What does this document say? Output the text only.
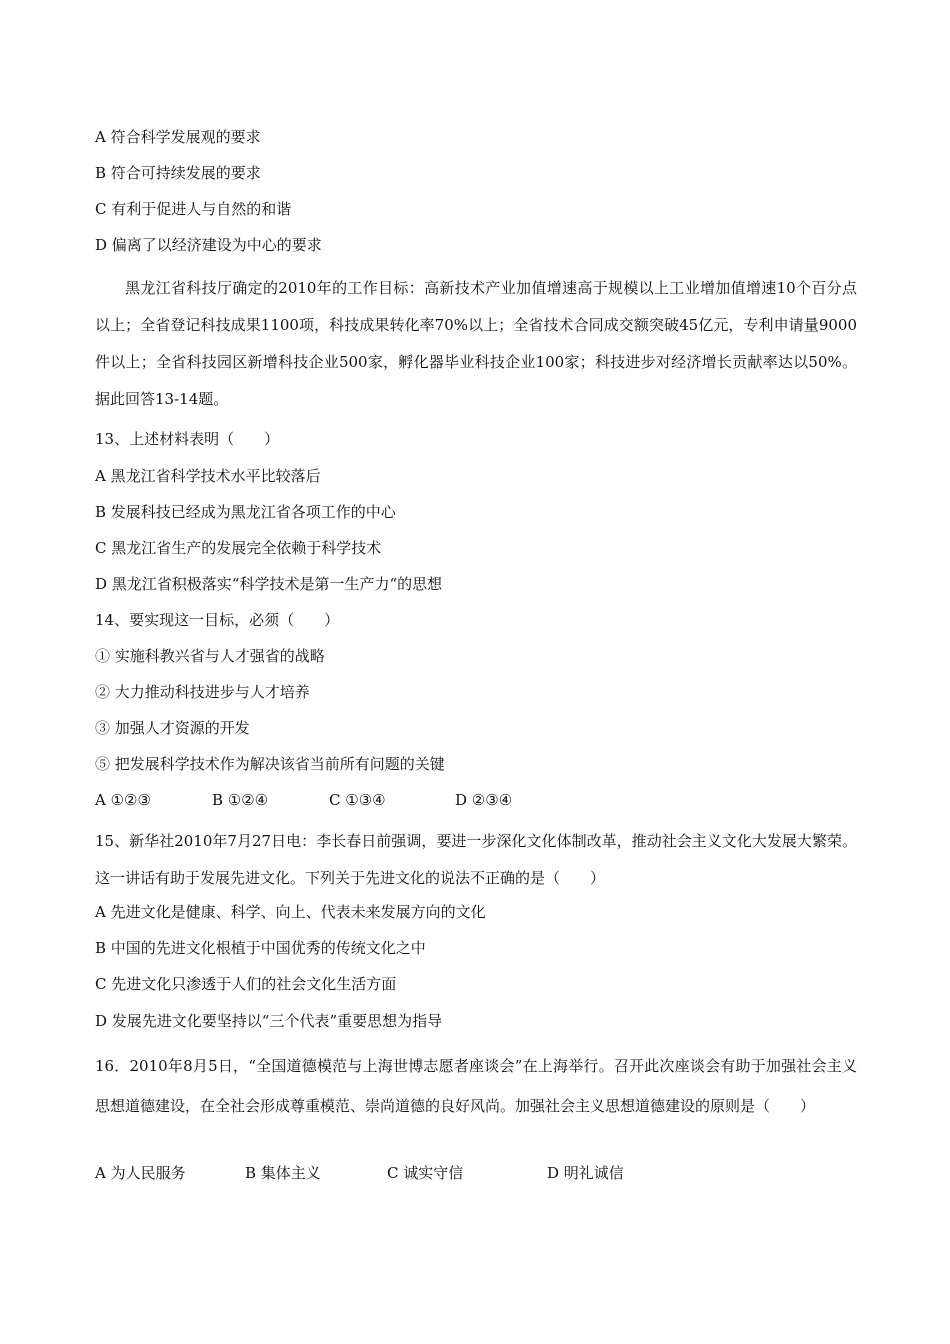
A 符合科学发展观的要求
B 符合可持续发展的要求
C 有利于促进人与自然的和谐
D 偏离了以经济建设为中心的要求
黑龙江省科技厅确定的2010年的工作目标：高新技术产业加值增速高于规模以上工业增加值增速10个百分点以上；全省登记科技成果1100项，科技成果转化率70%以上；全省技术合同成交额突破45亿元，专利申请量9000件以上；全省科技园区新增科技企业500家，孵化器毕业科技企业100家；科技进步对经济增长贡献率达以50%。据此回答13-14题。
13、上述材料表明（　　）
A 黑龙江省科学技术水平比较落后
B 发展科技已经成为黑龙江省各项工作的中心
C 黑龙江省生产的发展完全依赖于科学技术
D 黑龙江省积极落实“科学技术是第一生产力“的思想
14、要实现这一目标，必须（　　）
① 实施科教兴省与人才强省的战略
② 大力推动科技进步与人才培养
③ 加强人才资源的开发
⑤ 把发展科学技术作为解决该省当前所有问题的关键
A ①②③	B ①②④	C ①③④	D ②③④
15、新华社2010年7月27日电：李长春日前强调，要进一步深化文化体制改革，推动社会主义文化大发展大繁荣。这一讲话有助于发展先进文化。下列关于先进文化的说法不正确的是（　　）
A 先进文化是健康、科学、向上、代表未来发展方向的文化
B 中国的先进文化根植于中国优秀的传统文化之中
C 先进文化只渗透于人们的社会文化生活方面
D 发展先进文化要坚持以“三个代表”重要思想为指导
16．2010年8月5日，“全国道德模范与上海世博志愿者座谈会”在上海举行。召开此次座谈会有助于加强社会主义思想道德建设，在全社会形成尊重模范、崇尚道德的良好风尚。加强社会主义思想道德建设的原则是（　　）
A 为人民服务	B 集体主义	C 诚实守信	D 明礼诚信
